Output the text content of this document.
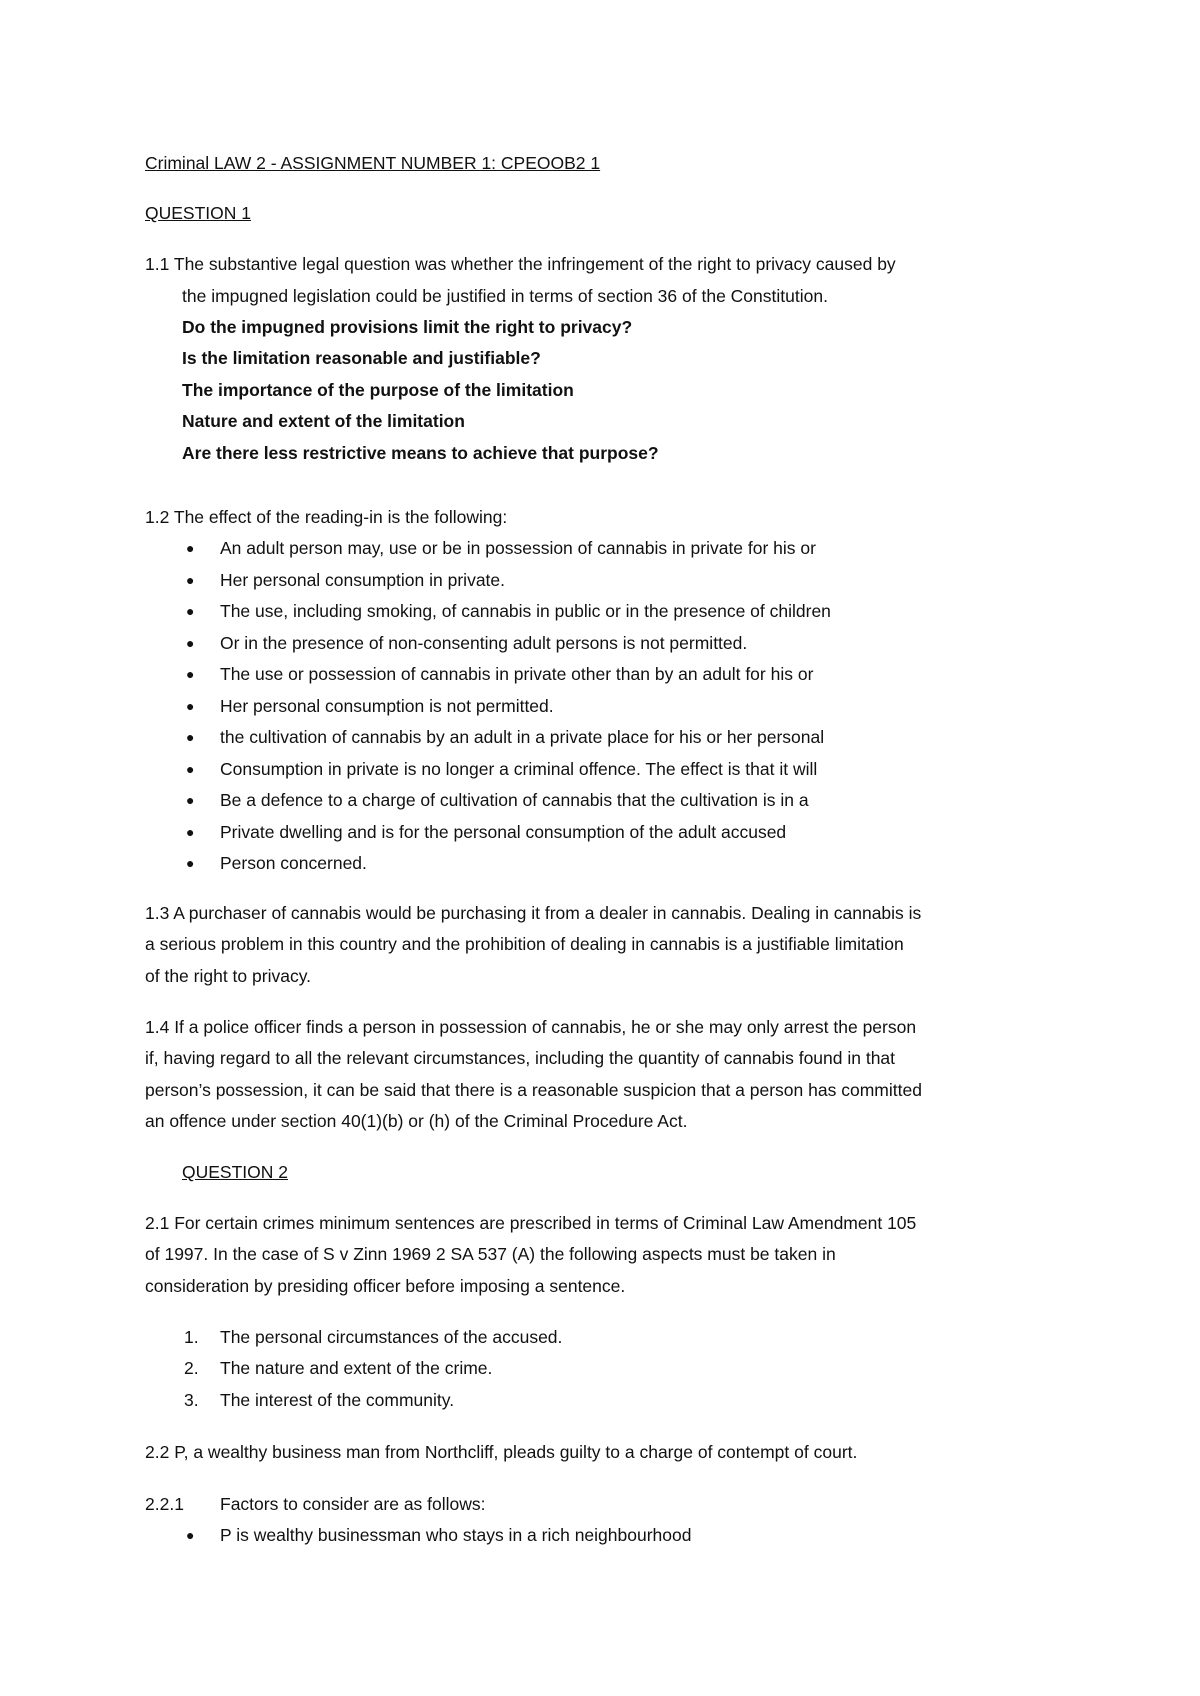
Criminal LAW 2 - ASSIGNMENT NUMBER 1: CPEOOB2 1
QUESTION 1
1.1 The substantive legal question was whether the infringement of the right to privacy caused by
the impugned legislation could be justified in terms of section 36 of the Constitution.
Do the impugned provisions limit the right to privacy?
Is the limitation reasonable and justifiable?
The importance of the purpose of the limitation
Nature and extent of the limitation
Are there less restrictive means to achieve that purpose?
1.2 The effect of the reading-in is the following:
● An adult person may, use or be in possession of cannabis in private for his or
● Her personal consumption in private.
● The use, including smoking, of cannabis in public or in the presence of children
● Or in the presence of non-consenting adult persons is not permitted.
● The use or possession of cannabis in private other than by an adult for his or
● Her personal consumption is not permitted.
● the cultivation of cannabis by an adult in a private place for his or her personal
● Consumption in private is no longer a criminal offence. The effect is that it will
● Be a defence to a charge of cultivation of cannabis that the cultivation is in a
● Private dwelling and is for the personal consumption of the adult accused
● Person concerned.
1.3 A purchaser of cannabis would be purchasing it from a dealer in cannabis. Dealing in cannabis is
a serious problem in this country and the prohibition of dealing in cannabis is a justifiable limitation
of the right to privacy.
1.4 If a police officer finds a person in possession of cannabis, he or she may only arrest the person
if, having regard to all the relevant circumstances, including the quantity of cannabis found in that
person’s possession, it can be said that there is a reasonable suspicion that a person has committed
an offence under section 40(1)(b) or (h) of the Criminal Procedure Act.
QUESTION 2
2.1 For certain crimes minimum sentences are prescribed in terms of Criminal Law Amendment 105
of 1997. In the case of S v Zinn 1969 2 SA 537 (A) the following aspects must be taken in
consideration by presiding officer before imposing a sentence.
1. The personal circumstances of the accused.
2. The nature and extent of the crime.
3. The interest of the community.
2.2 P, a wealthy business man from Northcliff, pleads guilty to a charge of contempt of court.
2.2.1 Factors to consider are as follows:
● P is wealthy businessman who stays in a rich neighbourhood
